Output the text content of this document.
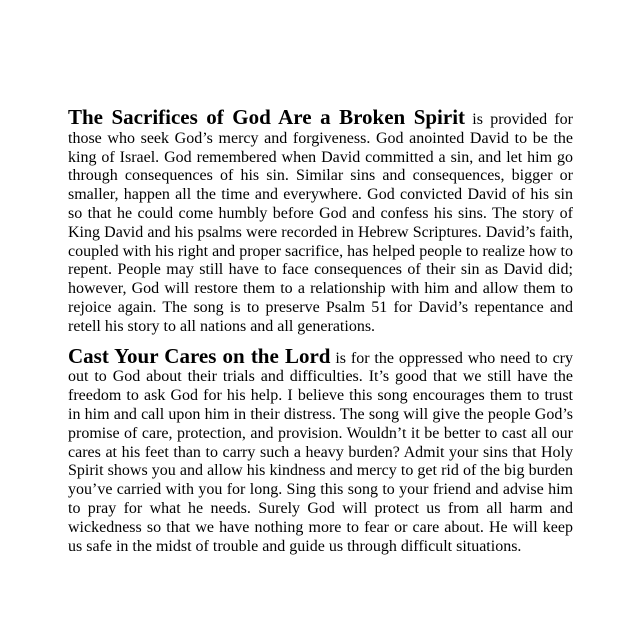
The Sacrifices of God Are a Broken Spirit is provided for those who seek God’s mercy and forgiveness. God anointed David to be the king of Israel. God remembered when David committed a sin, and let him go through consequences of his sin. Similar sins and consequences, bigger or smaller, happen all the time and everywhere. God convicted David of his sin so that he could come humbly before God and confess his sins. The story of King David and his psalms were recorded in Hebrew Scriptures. David’s faith, coupled with his right and proper sacrifice, has helped people to realize how to repent. People may still have to face consequences of their sin as David did; however, God will restore them to a relationship with him and allow them to rejoice again. The song is to preserve Psalm 51 for David’s repentance and retell his story to all nations and all generations.

Cast Your Cares on the Lord is for the oppressed who need to cry out to God about their trials and difficulties. It’s good that we still have the freedom to ask God for his help. I believe this song encourages them to trust in him and call upon him in their distress. The song will give the people God’s promise of care, protection, and provision. Wouldn’t it be better to cast all our cares at his feet than to carry such a heavy burden? Admit your sins that Holy Spirit shows you and allow his kindness and mercy to get rid of the big burden you’ve carried with you for long. Sing this song to your friend and advise him to pray for what he needs. Surely God will protect us from all harm and wickedness so that we have nothing more to fear or care about. He will keep us safe in the midst of trouble and guide us through difficult situations.
